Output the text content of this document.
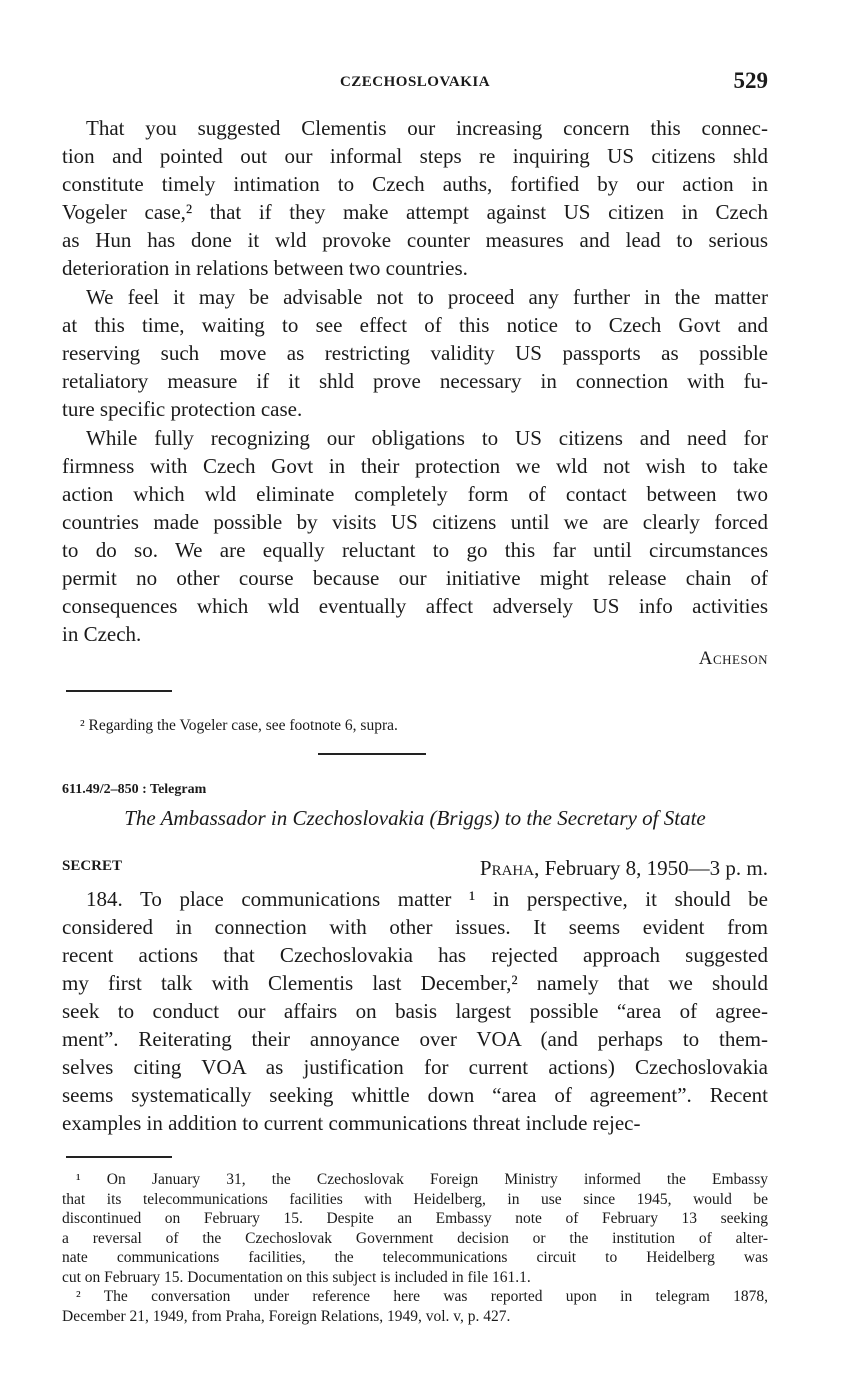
CZECHOSLOVAKIA	529
That you suggested Clementis our increasing concern this connec-
tion and pointed out our informal steps re inquiring US citizens shld
constitute timely intimation to Czech auths, fortified by our action in
Vogeler case,² that if they make attempt against US citizen in Czech
as Hun has done it wld provoke counter measures and lead to serious
deterioration in relations between two countries.
We feel it may be advisable not to proceed any further in the matter
at this time, waiting to see effect of this notice to Czech Govt and
reserving such move as restricting validity US passports as possible
retaliatory measure if it shld prove necessary in connection with fu-
ture specific protection case.
While fully recognizing our obligations to US citizens and need for
firmness with Czech Govt in their protection we wld not wish to take
action which wld eliminate completely form of contact between two
countries made possible by visits US citizens until we are clearly forced
to do so. We are equally reluctant to go this far until circumstances
permit no other course because our initiative might release chain of
consequences which wld eventually affect adversely US info activities
in Czech.
Acheson
² Regarding the Vogeler case, see footnote 6, supra.
611.49/2–850 : Telegram
The Ambassador in Czechoslovakia (Briggs) to the Secretary of State
SECRET	Praha, February 8, 1950—3 p. m.
184. To place communications matter ¹ in perspective, it should be
considered in connection with other issues. It seems evident from
recent actions that Czechoslovakia has rejected approach suggested
my first talk with Clementis last December,² namely that we should
seek to conduct our affairs on basis largest possible “area of agree-
ment”. Reiterating their annoyance over VOA (and perhaps to them-
selves citing VOA as justification for current actions) Czechoslovakia
seems systematically seeking whittle down “area of agreement”. Recent
examples in addition to current communications threat include rejec-
¹ On January 31, the Czechoslovak Foreign Ministry informed the Embassy
that its telecommunications facilities with Heidelberg, in use since 1945, would be
discontinued on February 15. Despite an Embassy note of February 13 seeking
a reversal of the Czechoslovak Government decision or the institution of alter-
nate communications facilities, the telecommunications circuit to Heidelberg was
cut on February 15. Documentation on this subject is included in file 161.1.
² The conversation under reference here was reported upon in telegram 1878,
December 21, 1949, from Praha, Foreign Relations, 1949, vol. v, p. 427.
